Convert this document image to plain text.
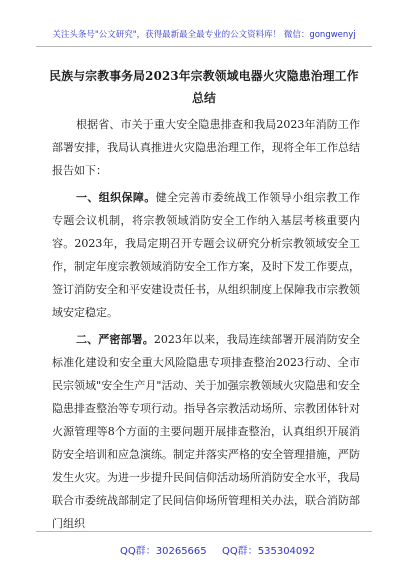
关注头条号"公文研究"，获得最新最全最专业的公文资料库！ 微信：gongwenyj
民族与宗教事务局2023年宗教领域电器火灾隐患治理工作
总结

根据省、市关于重大安全隐患排查和我局2023年消防工作部署安排，我局认真推进火灾隐患治理工作，现将全年工作总结报告如下：

一、组织保障。健全完善市委统战工作领导小组宗教工作专题会议机制，将宗教领域消防安全工作纳入基层考核重要内容。2023年，我局定期召开专题会议研究分析宗教领域安全工作，制定年度宗教领域消防安全工作方案，及时下发工作要点，签订消防安全和平安建设责任书，从组织制度上保障我市宗教领域安定稳定。

二、严密部署。2023年以来，我局连续部署开展消防安全标准化建设和安全重大风险隐患专项排查整治2023行动、全市民宗领域"安全生产月"活动、关于加强宗教领域火灾隐患和安全隐患排查整治等专项行动。指导各宗教活动场所、宗教团体针对火源管理等8个方面的主要问题开展排查整治，认真组织开展消防安全培训和应急演练。制定并落实严格的安全管理措施，严防发生火灾。为进一步提升民间信仰活动场所消防安全水平，我局联合市委统战部制定了民间信仰场所管理相关办法，联合消防部门组织

QQ群：30265665 QQ群：535304092
